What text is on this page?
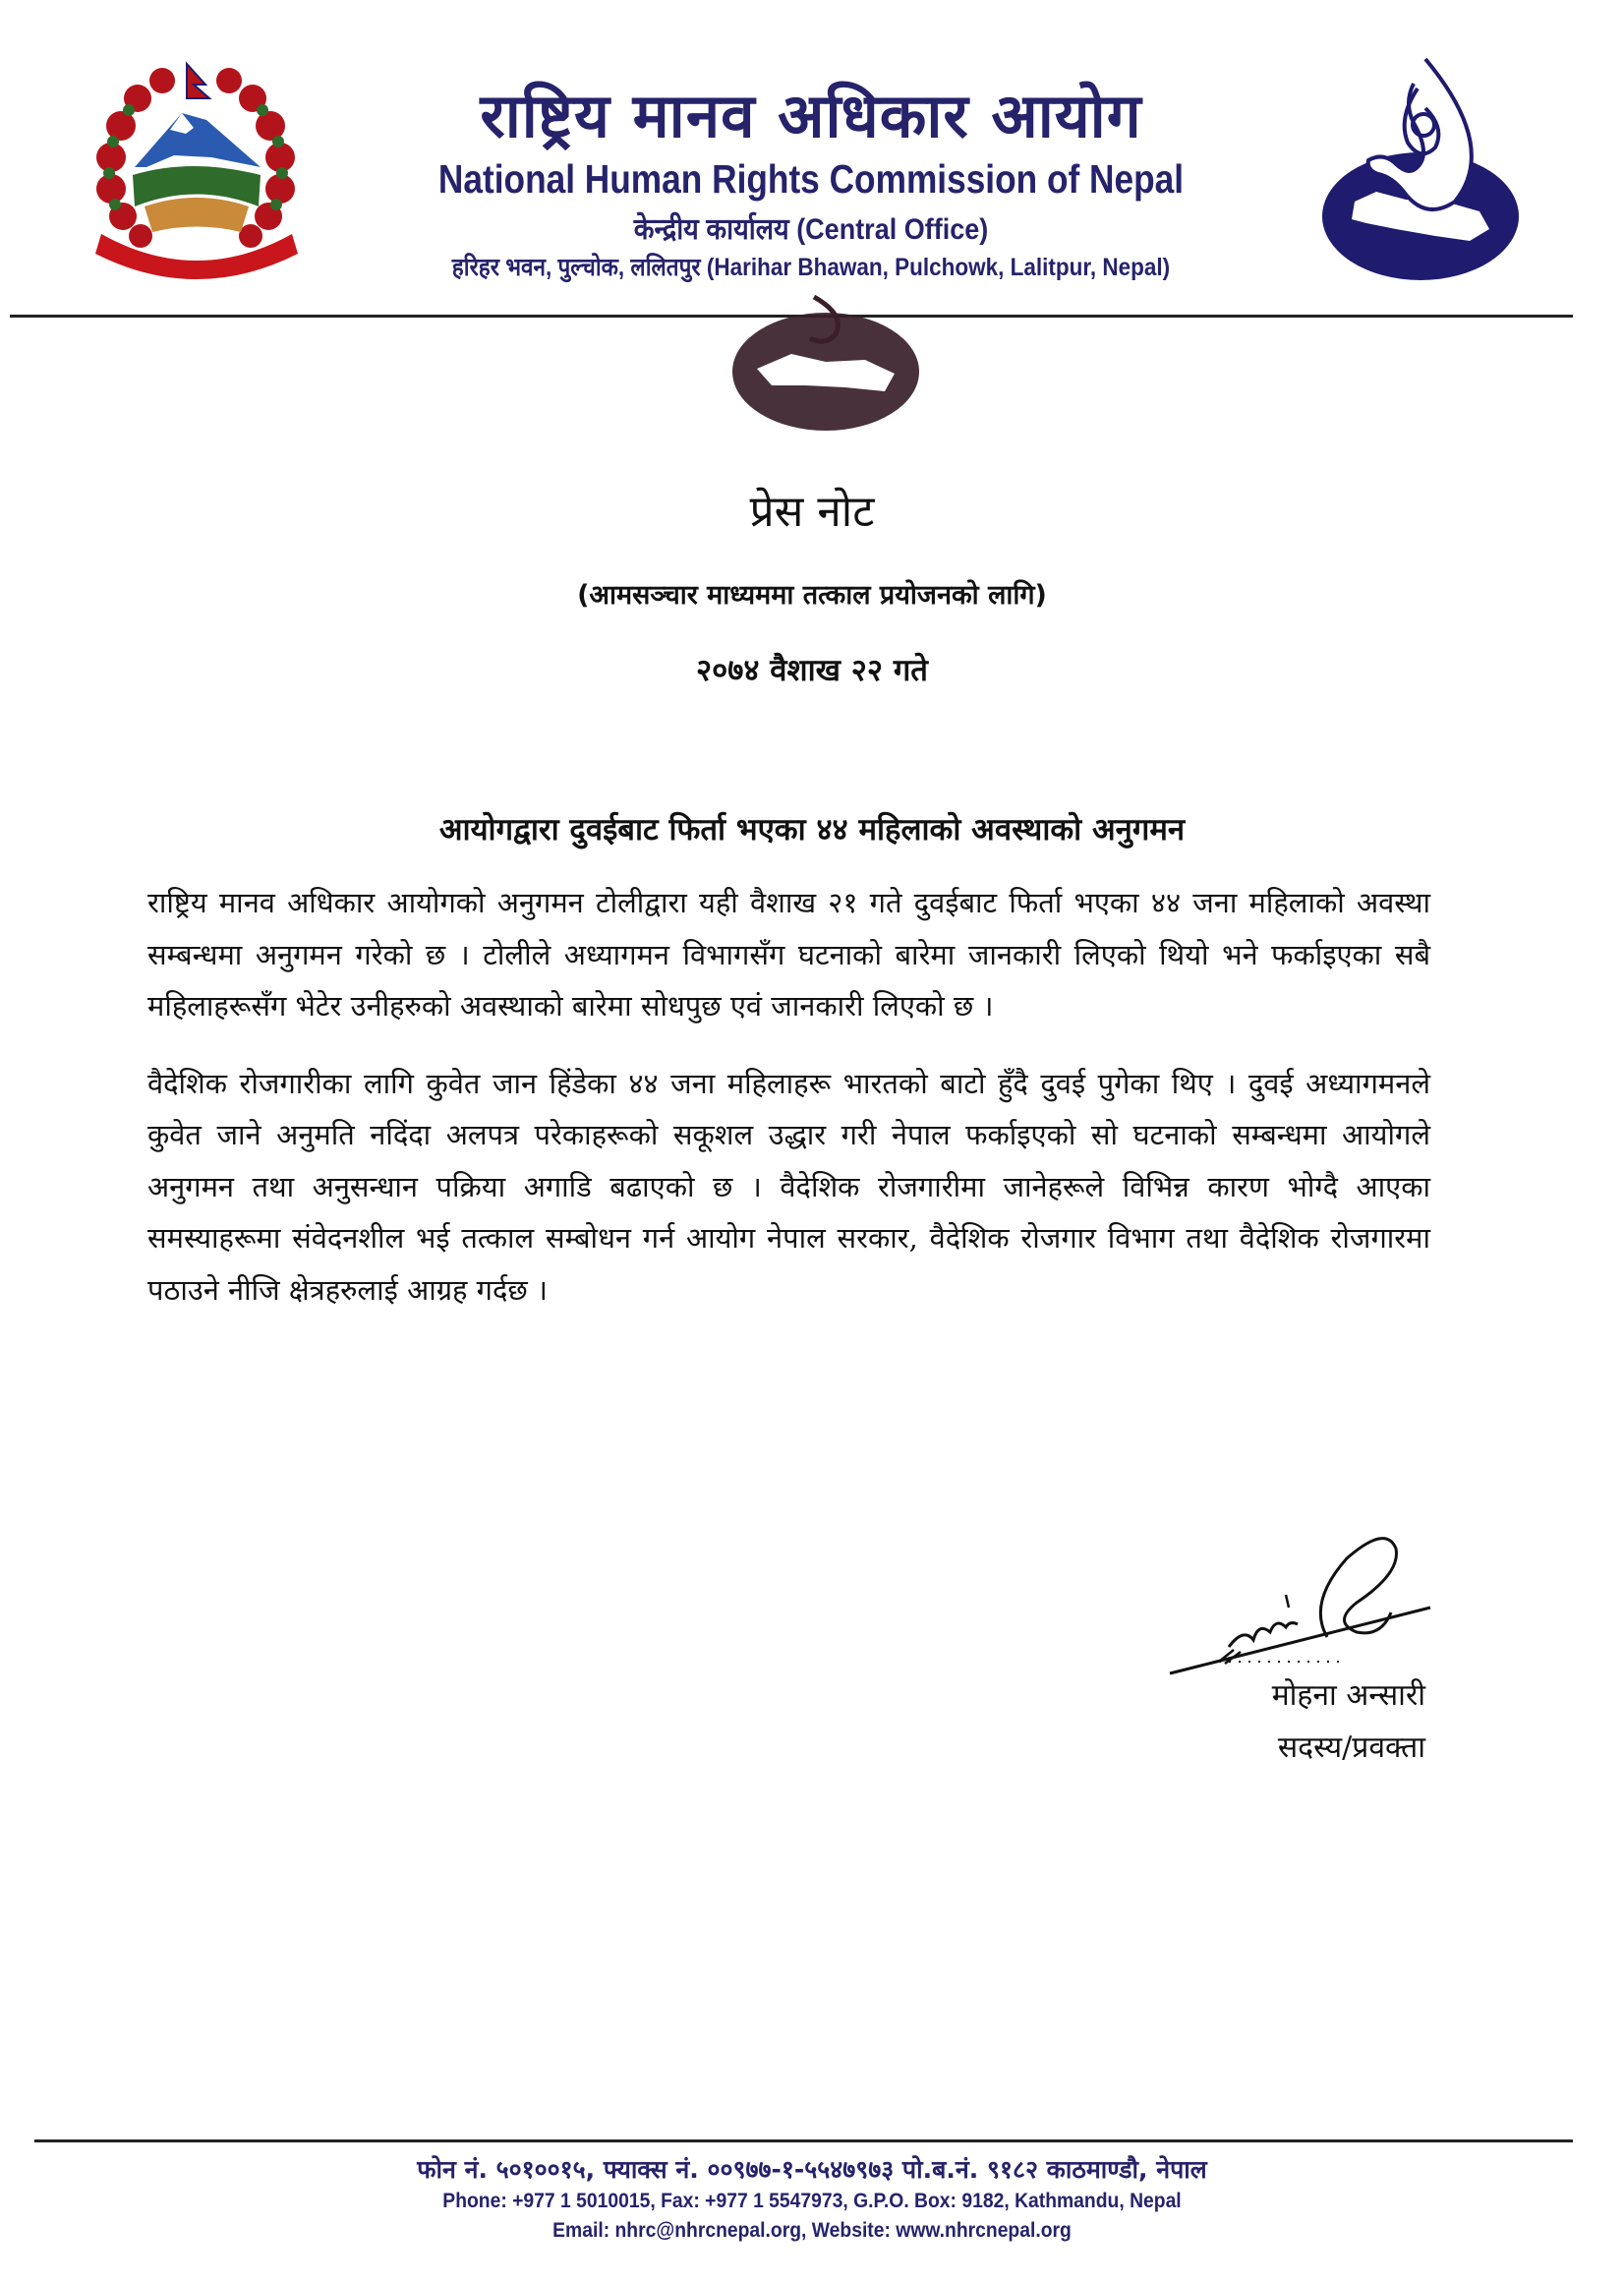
राष्ट्रिय मानव अधिकार आयोग
National Human Rights Commission of Nepal
केन्द्रीय कार्यालय (Central Office)
हरिहर भवन, पुल्चोक, ललितपुर (Harihar Bhawan, Pulchowk, Lalitpur, Nepal)

प्रेस नोट
(आमसञ्चार माध्यममा तत्काल प्रयोजनको लागि)
२०७४ वैशाख २२ गते
आयोगद्वारा दुवईबाट फिर्ता भएका ४४ महिलाको अवस्थाको अनुगमन

राष्ट्रिय मानव अधिकार आयोगको अनुगमन टोलीद्वारा यही वैशाख २१ गते दुवईबाट फिर्ता भएका ४४ जना महिलाको अवस्था सम्बन्धमा अनुगमन गरेको छ । टोलीले अध्यागमन विभागसँग घटनाको बारेमा जानकारी लिएको थियो भने फर्काइएका सबै महिलाहरूसँग भेटेर उनीहरुको अवस्थाको बारेमा सोधपुछ एवं जानकारी लिएको छ ।

वैदेशिक रोजगारीका लागि कुवेत जान हिंडेका ४४ जना महिलाहरू भारतको बाटो हुँदै दुवई पुगेका थिए । दुवई अध्यागमनले कुवेत जाने अनुमति नदिंदा अलपत्र परेकाहरूको सकूशल उद्धार गरी नेपाल फर्काइएको सो घटनाको सम्बन्धमा आयोगले अनुगमन तथा अनुसन्धान पक्रिया अगाडि बढाएको छ । वैदेशिक रोजगारीमा जानेहरूले विभिन्न कारण भोग्दै आएका समस्याहरूमा संवेदनशील भई तत्काल सम्बोधन गर्न आयोग नेपाल सरकार, वैदेशिक रोजगार विभाग तथा वैदेशिक रोजगारमा पठाउने नीजि क्षेत्रहरुलाई आग्रह गर्दछ ।

मोहना अन्सारी
सदस्य/प्रवक्ता
फोन नं. ५०१००१५, फ्याक्स नं. ००९७७-१-५५४७९७३ पो.ब.नं. ९१८२ काठमाण्डौ, नेपाल
Phone: +977 1 5010015, Fax: +977 1 5547973, G.P.O. Box: 9182, Kathmandu, Nepal
Email: nhrc@nhrcnepal.org, Website: www.nhrcnepal.org
